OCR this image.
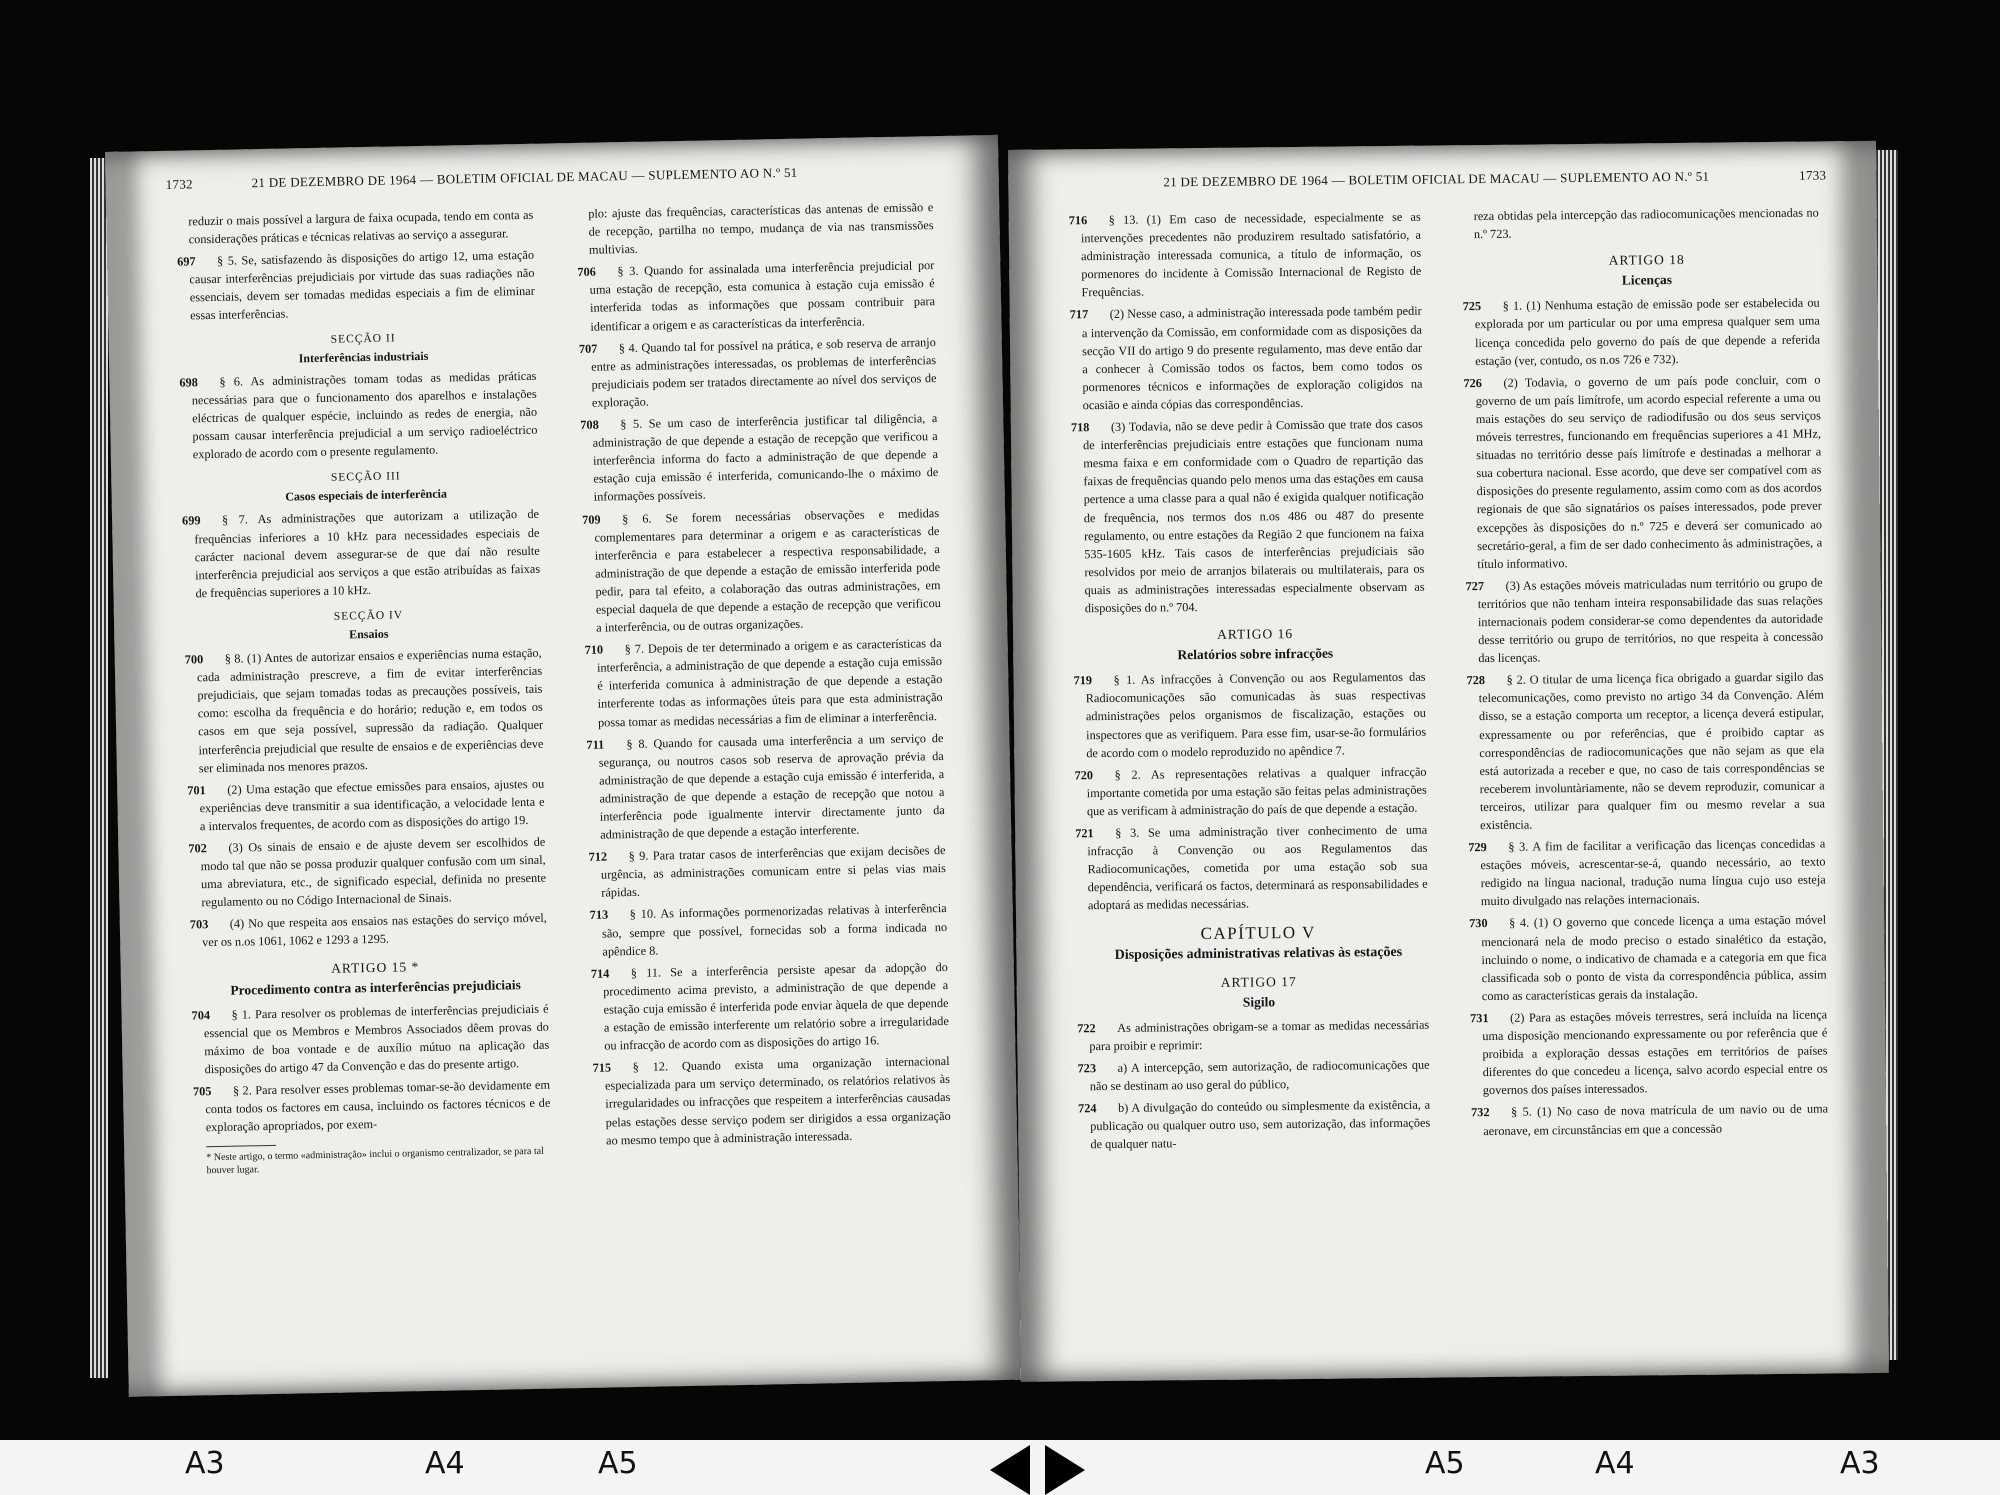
1732	21 DE DEZEMBRO DE 1964 — BOLETIM OFICIAL DE MACAU — SUPLEMENTO AO N.º 51
reduzir o mais possível a largura de faixa ocupada, tendo em conta as considerações práticas e técnicas relativas ao serviço a assegurar.
697 § 5. Se, satisfazendo às disposições do artigo 12, uma estação causar interferências prejudiciais por virtude das suas radiações não essenciais, devem ser tomadas medidas especiais a fim de eliminar essas interferências.
SECÇÃO II
Interferências industriais
698 § 6. As administrações tomam todas as medidas práticas necessárias para que o funcionamento dos aparelhos e instalações eléctricas de qualquer espécie, incluindo as redes de energia, não possam causar interferência prejudicial a um serviço radioeléctrico explorado de acordo com o presente regulamento.
SECÇÃO III
Casos especiais de interferência
699 § 7. As administrações que autorizam a utilização de frequências inferiores a 10 kHz para necessidades especiais de carácter nacional devem assegurar-se de que daí não resulte interferência prejudicial aos serviços a que estão atribuídas as faixas de frequências superiores a 10 kHz.
SECÇÃO IV
Ensaios
700 § 8. (1) Antes de autorizar ensaios e experiências numa estação, cada administração prescreve, a fim de evitar interferências prejudiciais, que sejam tomadas todas as precauções possíveis, tais como: escolha da frequência e do horário; redução e, em todos os casos em que seja possível, supressão da radiação. Qualquer interferência prejudicial que resulte de ensaios e de experiências deve ser eliminada nos menores prazos.
701 (2) Uma estação que efectue emissões para ensaios, ajustes ou experiências deve transmitir a sua identificação, a velocidade lenta e a intervalos frequentes, de acordo com as disposições do artigo 19.
702 (3) Os sinais de ensaio e de ajuste devem ser escolhidos de modo tal que não se possa produzir qualquer confusão com um sinal, uma abreviatura, etc., de significado especial, definida no presente regulamento ou no Código Internacional de Sinais.
703 (4) No que respeita aos ensaios nas estações do serviço móvel, ver os n.os 1061, 1062 e 1293 a 1295.
ARTIGO 15 *
Procedimento contra as interferências prejudiciais
704 § 1. Para resolver os problemas de interferências prejudiciais é essencial que os Membros e Membros Associados dêem provas do máximo de boa vontade e de auxílio mútuo na aplicação das disposições do artigo 47 da Convenção e das do presente artigo.
705 § 2. Para resolver esses problemas tomar-se-ão devidamente em conta todos os factores em causa, incluindo os factores técnicos e de exploração apropriados, por exem-
* Neste artigo, o termo «administração» inclui o organismo centralizador, se para tal houver lugar.
plo: ajuste das frequências, características das antenas de emissão e de recepção, partilha no tempo, mudança de via nas transmissões multivias.
706 § 3. Quando for assinalada uma interferência prejudicial por uma estação de recepção, esta comunica à estação cuja emissão é interferida todas as informações que possam contribuir para identificar a origem e as características da interferência.
707 § 4. Quando tal for possível na prática, e sob reserva de arranjo entre as administrações interessadas, os problemas de interferências prejudiciais podem ser tratados directamente ao nível dos serviços de exploração.
708 § 5. Se um caso de interferência justificar tal diligência, a administração de que depende a estação de recepção que verificou a interferência informa do facto a administração de que depende a estação cuja emissão é interferida, comunicando-lhe o máximo de informações possíveis.
709 § 6. Se forem necessárias observações e medidas complementares para determinar a origem e as características de interferência e para estabelecer a respectiva responsabilidade, a administração de que depende a estação de emissão interferida pode pedir, para tal efeito, a colaboração das outras administrações, em especial daquela de que depende a estação de recepção que verificou a interferência, ou de outras organizações.
710 § 7. Depois de ter determinado a origem e as características da interferência, a administração de que depende a estação cuja emissão é interferida comunica à administração de que depende a estação interferente todas as informações úteis para que esta administração possa tomar as medidas necessárias a fim de eliminar a interferência.
711 § 8. Quando for causada uma interferência a um serviço de segurança, ou noutros casos sob reserva de aprovação prévia da administração de que depende a estação cuja emissão é interferida, a administração de que depende a estação de recepção que notou a interferência pode igualmente intervir directamente junto da administração de que depende a estação interferente.
712 § 9. Para tratar casos de interferências que exijam decisões de urgência, as administrações comunicam entre si pelas vias mais rápidas.
713 § 10. As informações pormenorizadas relativas à interferência são, sempre que possível, fornecidas sob a forma indicada no apêndice 8.
714 § 11. Se a interferência persiste apesar da adopção do procedimento acima previsto, a administração de que depende a estação cuja emissão é interferida pode enviar àquela de que depende a estação de emissão interferente um relatório sobre a irregularidade ou infracção de acordo com as disposições do artigo 16.
715 § 12. Quando exista uma organização internacional especializada para um serviço determinado, os relatórios relativos às irregularidades ou infracções que respeitem a interferências causadas pelas estações desse serviço podem ser dirigidos a essa organização ao mesmo tempo que à administração interessada.
21 DE DEZEMBRO DE 1964 — BOLETIM OFICIAL DE MACAU — SUPLEMENTO AO N.º 51	1733
716 § 13. (1) Em caso de necessidade, especialmente se as intervenções precedentes não produzirem resultado satisfatório, a administração interessada comunica, a título de informação, os pormenores do incidente à Comissão Internacional de Registo de Frequências.
717 (2) Nesse caso, a administração interessada pode também pedir a intervenção da Comissão, em conformidade com as disposições da secção VII do artigo 9 do presente regulamento, mas deve então dar a conhecer à Comissão todos os factos, bem como todos os pormenores técnicos e informações de exploração coligidos na ocasião e ainda cópias das correspondências.
718 (3) Todavia, não se deve pedir à Comissão que trate dos casos de interferências prejudiciais entre estações que funcionam numa mesma faixa e em conformidade com o Quadro de repartição das faixas de frequências quando pelo menos uma das estações em causa pertence a uma classe para a qual não é exigida qualquer notificação de frequência, nos termos dos n.os 486 ou 487 do presente regulamento, ou entre estações da Região 2 que funcionem na faixa 535-1605 kHz. Tais casos de interferências prejudiciais são resolvidos por meio de arranjos bilaterais ou multilaterais, para os quais as administrações interessadas especialmente observam as disposições do n.º 704.
ARTIGO 16
Relatórios sobre infracções
719 § 1. As infracções à Convenção ou aos Regulamentos das Radiocomunicações são comunicadas às suas respectivas administrações pelos organismos de fiscalização, estações ou inspectores que as verifiquem. Para esse fim, usar-se-ão formulários de acordo com o modelo reproduzido no apêndice 7.
720 § 2. As representações relativas a qualquer infracção importante cometida por uma estação são feitas pelas administrações que as verificam à administração do país de que depende a estação.
721 § 3. Se uma administração tiver conhecimento de uma infracção à Convenção ou aos Regulamentos das Radiocomunicações, cometida por uma estação sob sua dependência, verificará os factos, determinará as responsabilidades e adoptará as medidas necessárias.
CAPÍTULO V
Disposições administrativas relativas às estações
ARTIGO 17
Sigilo
722 As administrações obrigam-se a tomar as medidas necessárias para proibir e reprimir:
723 a) A intercepção, sem autorização, de radiocomunicações que não se destinam ao uso geral do público,
724 b) A divulgação do conteúdo ou simplesmente da existência, a publicação ou qualquer outro uso, sem autorização, das informações de qualquer natu-
reza obtidas pela intercepção das radiocomunicações mencionadas no n.º 723.
ARTIGO 18
Licenças
725 § 1. (1) Nenhuma estação de emissão pode ser estabelecida ou explorada por um particular ou por uma empresa qualquer sem uma licença concedida pelo governo do país de que depende a referida estação (ver, contudo, os n.os 726 e 732).
726 (2) Todavia, o governo de um país pode concluir, com o governo de um país limítrofe, um acordo especial referente a uma ou mais estações do seu serviço de radiodifusão ou dos seus serviços móveis terrestres, funcionando em frequências superiores a 41 MHz, situadas no território desse país limítrofe e destinadas a melhorar a sua cobertura nacional. Esse acordo, que deve ser compatível com as disposições do presente regulamento, assim como com as dos acordos regionais de que são signatários os países interessados, pode prever excepções às disposições do n.º 725 e deverá ser comunicado ao secretário-geral, a fim de ser dado conhecimento às administrações, a título informativo.
727 (3) As estações móveis matriculadas num território ou grupo de territórios que não tenham inteira responsabilidade das suas relações internacionais podem considerar-se como dependentes da autoridade desse território ou grupo de territórios, no que respeita à concessão das licenças.
728 § 2. O titular de uma licença fica obrigado a guardar sigilo das telecomunicações, como previsto no artigo 34 da Convenção. Além disso, se a estação comporta um receptor, a licença deverá estipular, expressamente ou por referências, que é proibido captar as correspondências de radiocomunicações que não sejam as que ela está autorizada a receber e que, no caso de tais correspondências se receberem involuntàriamente, não se devem reproduzir, comunicar a terceiros, utilizar para qualquer fim ou mesmo revelar a sua existência.
729 § 3. A fim de facilitar a verificação das licenças concedidas a estações móveis, acrescentar-se-á, quando necessário, ao texto redigido na língua nacional, tradução numa língua cujo uso esteja muito divulgado nas relações internacionais.
730 § 4. (1) O governo que concede licença a uma estação móvel mencionará nela de modo preciso o estado sinalético da estação, incluindo o nome, o indicativo de chamada e a categoria em que fica classificada sob o ponto de vista da correspondência pública, assim como as características gerais da instalação.
731 (2) Para as estações móveis terrestres, será incluída na licença uma disposição mencionando expressamente ou por referência que é proibida a exploração dessas estações em territórios de países diferentes do que concedeu a licença, salvo acordo especial entre os governos dos países interessados.
732 § 5. (1) No caso de nova matrícula de um navio ou de uma aeronave, em circunstâncias em que a concessão
A3	A4	A5	A5	A4	A3
